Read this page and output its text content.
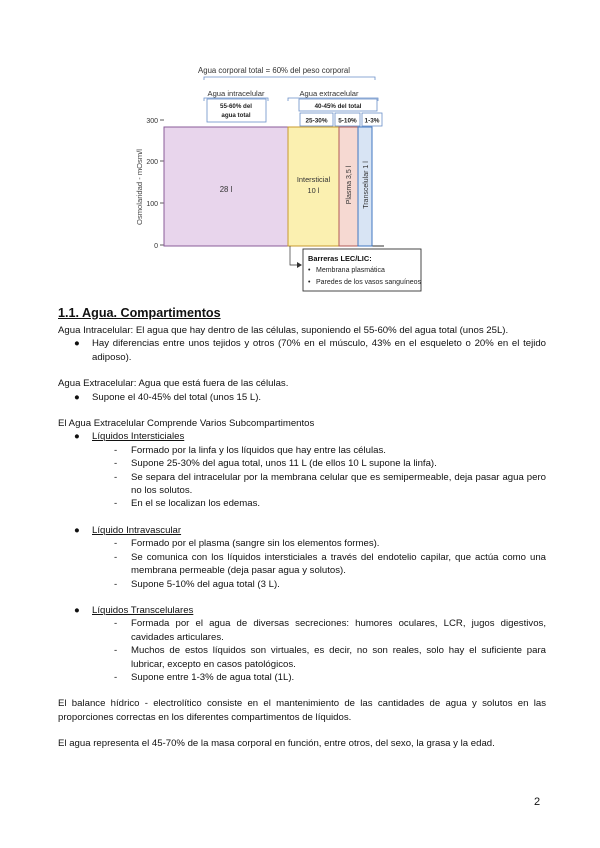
Agua corporal total = 60% del peso corporal
Agua intracelular
55-60% del
agua total
Agua extracelular
40-45% del total
25-30% 5-10% 1-3%
Osmolaridad - mOsm/l
300
200
100
0
28 l
Intersticial
10 l	Plasma 3,5 l Transcelular 1 l
Barreras LEC/LIC:
• Membrana plasmática
• Paredes de los vasos sanguíneos
1.1. Agua. Compartimentos

Agua Intracelular: El agua que hay dentro de las células, suponiendo el 55-60% del agua total (unos 25L).

●	Hay diferencias entre unos tejidos y otros (70% en el músculo, 43% en el esqueleto o 20% en el tejido adiposo).

Agua Extracelular: Agua que está fuera de las células.

●	Supone el 40-45% del total (unos 15 L).

El Agua Extracelular Comprende Varios Subcompartimentos

●	Líquidos Intersticiales
-	Formado por la linfa y los líquidos que hay entre las células.
-	Supone 25-30% del agua total, unos 11 L (de ellos 10 L supone la linfa).
-	Se separa del intracelular por la membrana celular que es semipermeable, deja pasar agua pero no los solutos.
-	En el se localizan los edemas.
●	Líquido Intravascular
-	Formado por el plasma (sangre sin los elementos formes).
-	Se comunica con los líquidos intersticiales a través del endotelio capilar, que actúa como una membrana permeable (deja pasar agua y solutos).
-	Supone 5-10% del agua total (3 L).
●	Líquidos Transcelulares
-	Formada por el agua de diversas secreciones: humores oculares, LCR, jugos digestivos, cavidades articulares.
-	Muchos de estos líquidos son virtuales, es decir, no son reales, solo hay el suficiente para lubricar, excepto en casos patológicos.
-	Supone entre 1-3% de agua total (1L).

El balance hídrico - electrolítico consiste en el mantenimiento de las cantidades de agua y solutos en las proporciones correctas en los diferentes compartimentos de líquidos.

El agua representa el 45-70% de la masa corporal en función, entre otros, del sexo, la grasa y la edad.

2
